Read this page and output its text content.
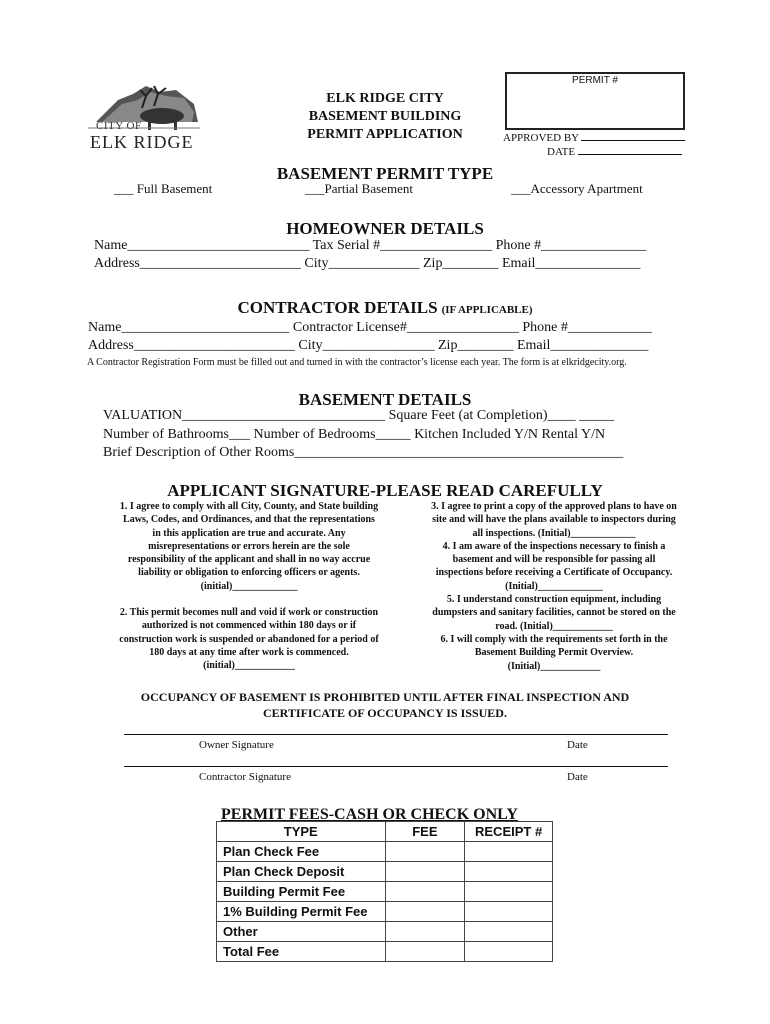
CITY OF
ELK RIDGE
ELK RIDGE CITY
BASEMENT BUILDING
PERMIT APPLICATION
PERMIT #
APPROVED BY
DATE
BASEMENT PERMIT TYPE
___ Full Basement	___Partial Basement	___Accessory Apartment
HOMEOWNER DETAILS
Name__________________________ Tax Serial #________________ Phone #_______________
Address_______________________ City_____________ Zip________ Email_______________
CONTRACTOR DETAILS (IF APPLICABLE)
Name________________________ Contractor License#________________ Phone #____________
Address_______________________ City________________ Zip________ Email______________
A Contractor Registration Form must be filled out and turned in with the contractor’s license each year. The form is at elkridgecity.org.
BASEMENT DETAILS
VALUATION_____________________________ Square Feet (at Completion)____ _____
Number of Bathrooms___ Number of Bedrooms_____ Kitchen Included Y/N Rental Y/N
Brief Description of Other Rooms_______________________________________________
APPLICANT SIGNATURE-PLEASE READ CAREFULLY
1. I agree to comply with all City, County, and State building
Laws, Codes, and Ordinances, and that the representations
in this application are true and accurate. Any
misrepresentations or errors herein are the sole
responsibility of the applicant and shall in no way accrue
liability or obligation to enforcing officers or agents.
(initial)_____________
2. This permit becomes null and void if work or construction
authorized is not commenced within 180 days or if
construction work is suspended or abandoned for a period of
180 days at any time after work is commenced.
(initial)____________
3. I agree to print a copy of the approved plans to have on
site and will have the plans available to inspectors during
all inspections. (Initial)_____________
4. I am aware of the inspections necessary to finish a
basement and will be responsible for passing all
inspections before receiving a Certificate of Occupancy.
(Initial)_____________
5. I understand construction equipment, including
dumpsters and sanitary facilities, cannot be stored on the
road. (Initial)____________
6. I will comply with the requirements set forth in the
Basement Building Permit Overview.
(Initial)____________
OCCUPANCY OF BASEMENT IS PROHIBITED UNTIL AFTER FINAL INSPECTION AND
CERTIFICATE OF OCCUPANCY IS ISSUED.
Owner Signature	Date
Contractor Signature	Date
PERMIT FEES-CASH OR CHECK ONLY
TYPE	FEE	RECEIPT #
Plan Check Fee		
Plan Check Deposit		
Building Permit Fee		
1% Building Permit Fee		
Other		
Total Fee		
